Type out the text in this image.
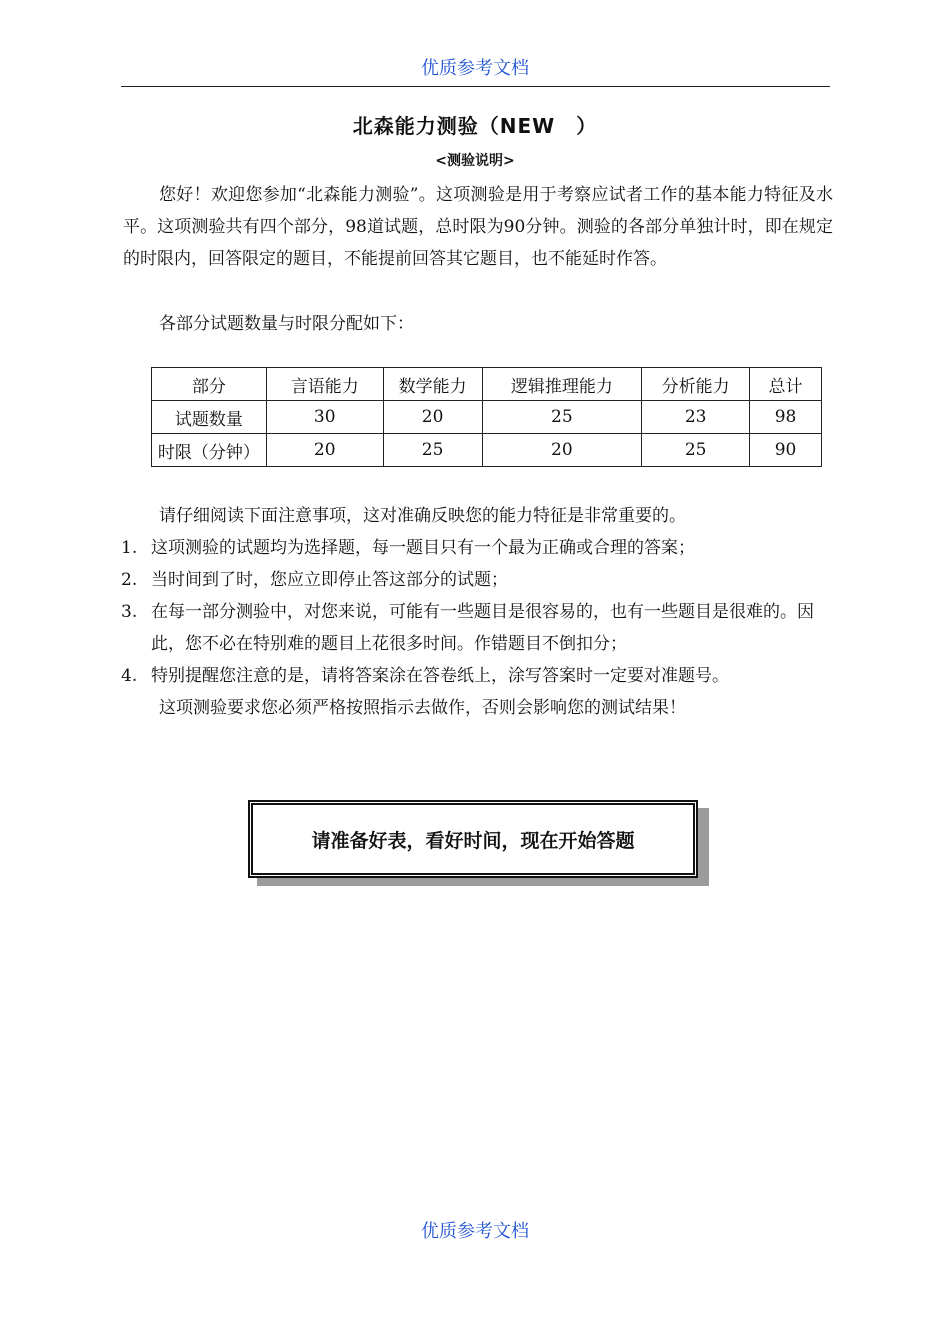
优质参考文档
北森能力测验（NEW　）
<测验说明>

您好！欢迎您参加“北森能力测验”。这项测验是用于考察应试者工作的基本能力特征及水平。这项测验共有四个部分，98道试题，总时限为90分钟。测验的各部分单独计时，即在规定的时限内，回答限定的题目，不能提前回答其它题目，也不能延时作答。

各部分试题数量与时限分配如下：

部分	言语能力	数学能力	逻辑推理能力	分析能力	总计
试题数量	30	20	25	23	98
时限（分钟）	20	25	20	25	90

请仔细阅读下面注意事项，这对准确反映您的能力特征是非常重要的。

1. 这项测验的试题均为选择题，每一题目只有一个最为正确或合理的答案；
2. 当时间到了时，您应立即停止答这部分的试题；
3. 在每一部分测验中，对您来说，可能有一些题目是很容易的，也有一些题目是很难的。因此，您不必在特别难的题目上花很多时间。作错题目不倒扣分；
4. 特别提醒您注意的是，请将答案涂在答卷纸上，涂写答案时一定要对准题号。

这项测验要求您必须严格按照指示去做作，否则会影响您的测试结果！

请准备好表，看好时间，现在开始答题
优质参考文档
